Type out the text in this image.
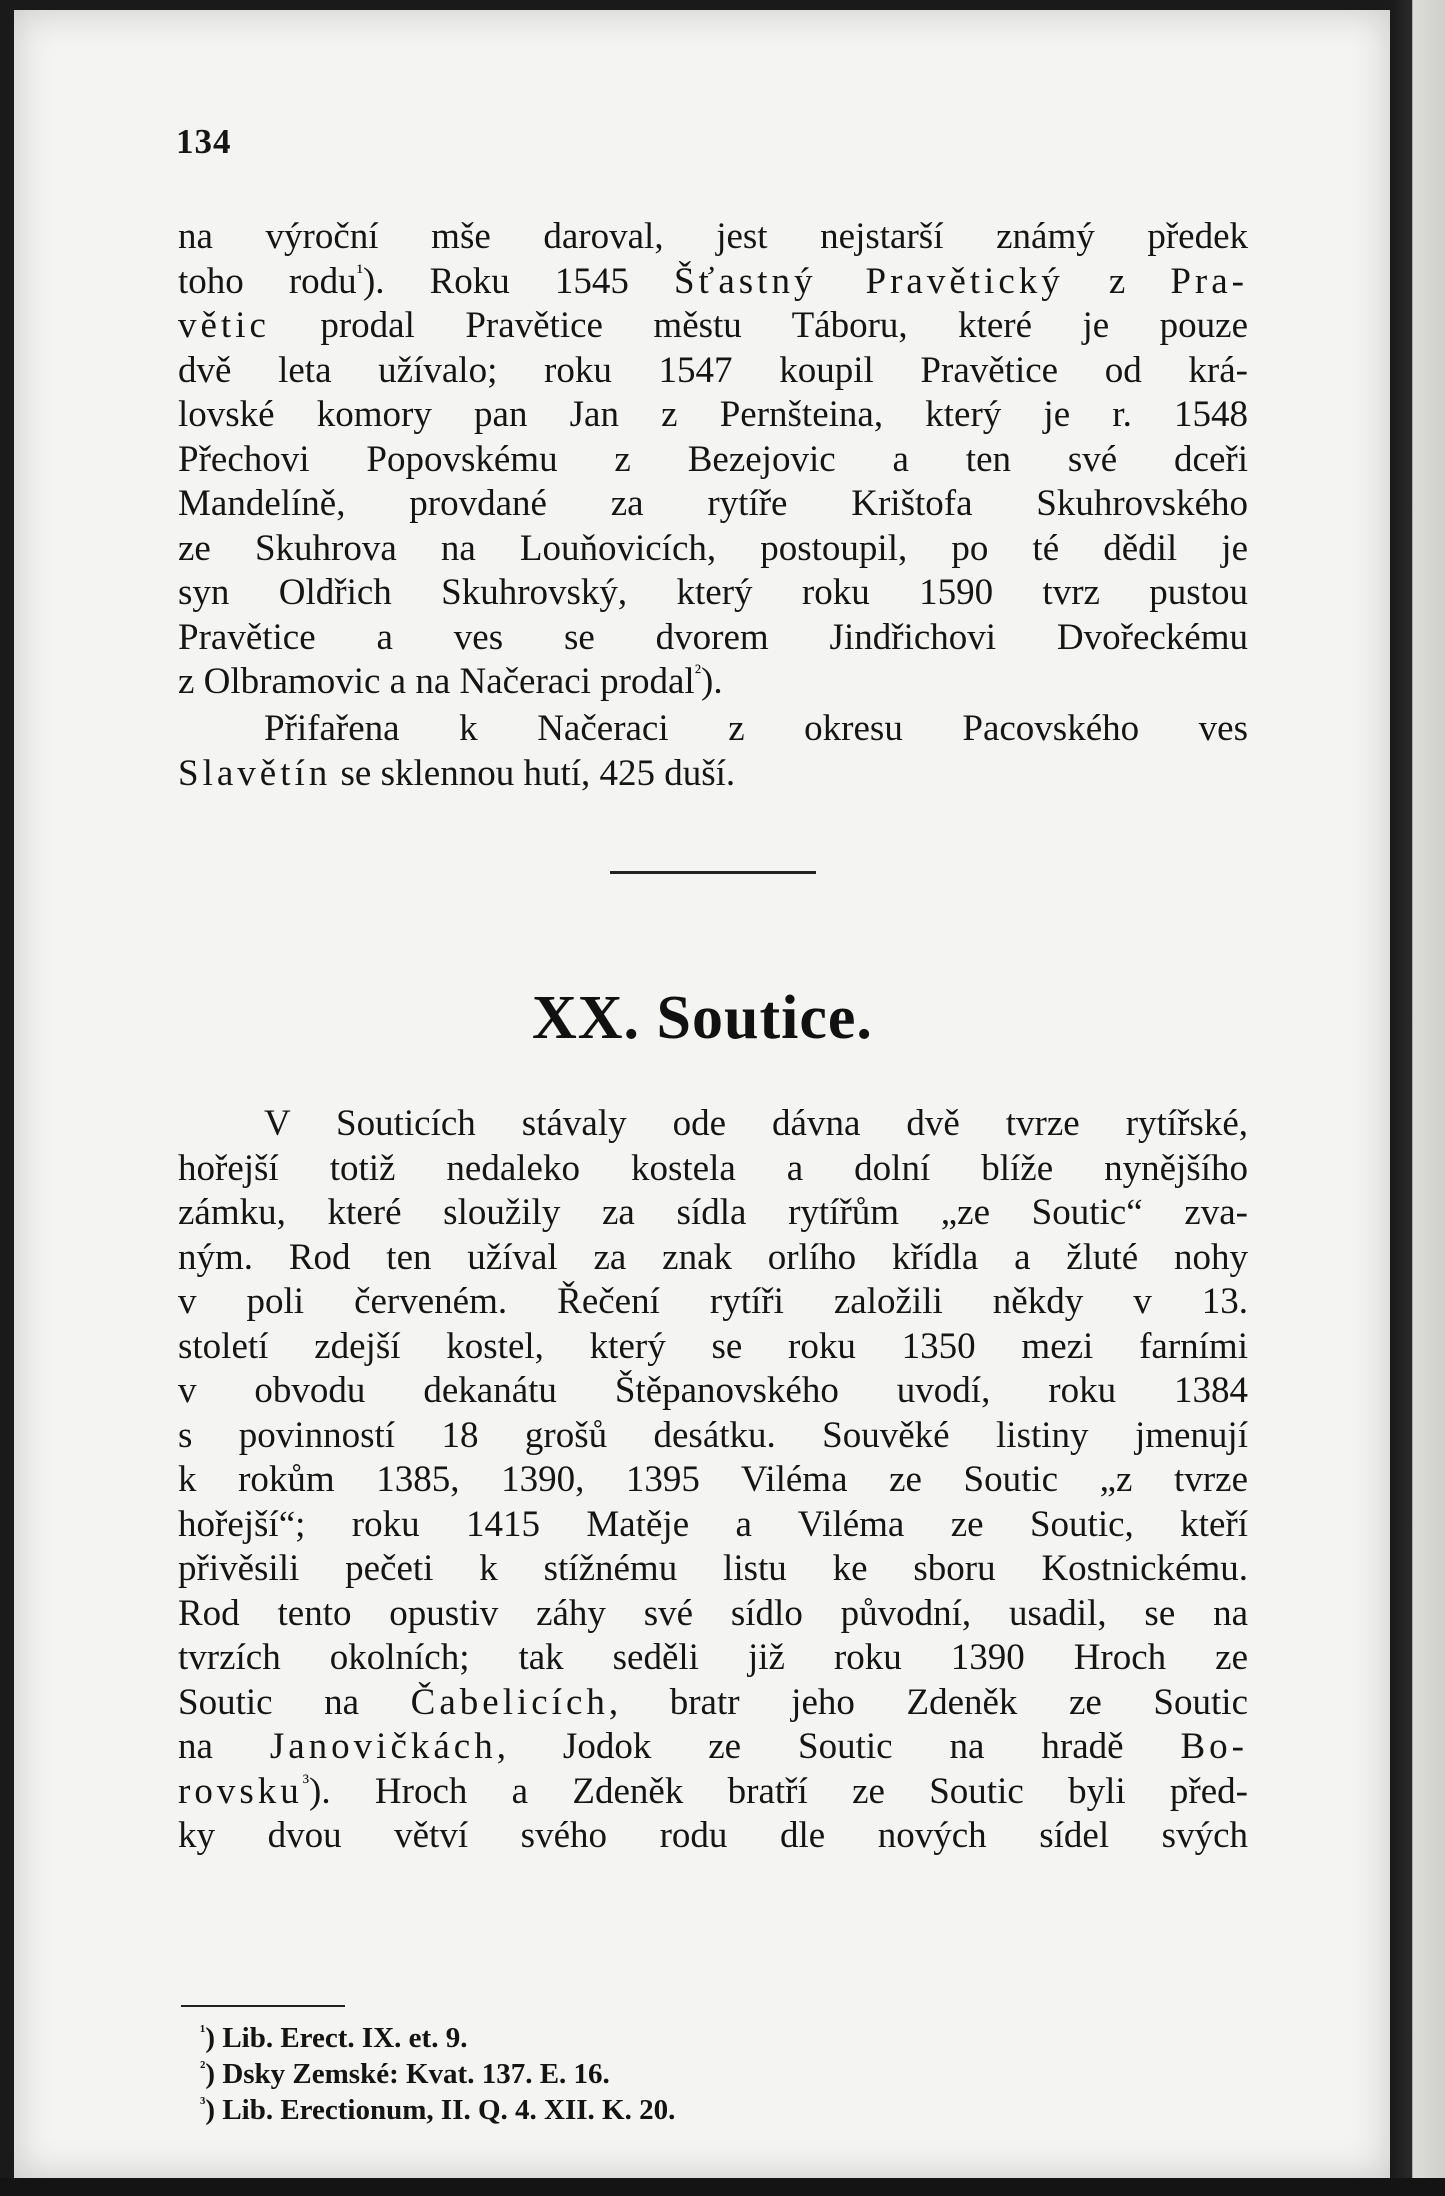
134
na výroční mše daroval, jest nejstarší známý předek
toho rodu$^{^1}$). Roku 1545 Šťastný Pravětický z Pra-
větic prodal Pravětice městu Táboru, které je pouze
dvě leta užívalo; roku 1547 koupil Pravětice od krá-
lovské komory pan Jan z Pernšteina, který je r. 1548
Přechovi Popovskému z Bezejovic a ten své dceři
Mandelíně, provdané za rytíře Krištofa Skuhrovského
ze Skuhrova na Louňovicích, postoupil, po té dědil je
syn Oldřich Skuhrovský, který roku 1590 tvrz pustou
Pravětice a ves se dvorem Jindřichovi Dvořeckému
z Olbramovic a na Načeraci prodal$^{^2}$).
Přifařena k Načeraci z okresu Pacovského ves
Slavětín se sklennou hutí, 425 duší.
XX. Soutice.
V Souticích stávaly ode dávna dvě tvrze rytířské,
hořejší totiž nedaleko kostela a dolní blíže nynějšího
zámku, které sloužily za sídla rytířům „ze Soutic“ zva-
ným. Rod ten užíval za znak orlího křídla a žluté nohy
v poli červeném. Řečení rytíři založili někdy v 13.
století zdejší kostel, který se roku 1350 mezi farními
v obvodu dekanátu Štěpanovského uvodí, roku 1384
s povinností 18 grošů desátku. Souvěké listiny jmenují
k rokům 1385, 1390, 1395 Viléma ze Soutic „z tvrze
hořejší“; roku 1415 Matěje a Viléma ze Soutic, kteří
přivěsili pečeti k stížnému listu ke sboru Kostnickému.
Rod tento opustiv záhy své sídlo původní, usadil, se na
tvrzích okolních; tak seděli již roku 1390 Hroch ze
Soutic na Čabelicích, bratr jeho Zdeněk ze Soutic
na Janovičkách, Jodok ze Soutic na hradě Bo-
rovsku$^{^3}$). Hroch a Zdeněk bratří ze Soutic byli před-
ky dvou větví svého rodu dle nových sídel svých
$^{^1}$) Lib. Erect. IX. et. 9.
$^{^2}$) Dsky Zemské: Kvat. 137. E. 16.
$^{^3}$) Lib. Erectionum, II. Q. 4. XII. K. 20.
